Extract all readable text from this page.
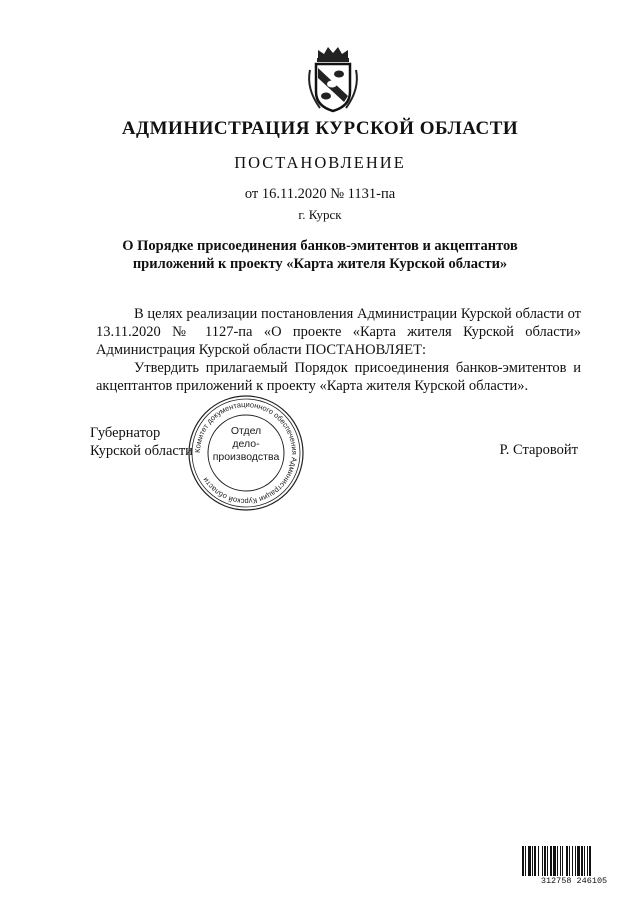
АДМИНИСТРАЦИЯ КУРСКОЙ ОБЛАСТИ
ПОСТАНОВЛЕНИЕ
от 16.11.2020 № 1131-па
г. Курск
О Порядке присоединения банков-эмитентов и акцептантов
приложений к проекту «Карта жителя Курской области»
В целях реализации постановления Администрации Курской области от 13.11.2020 № 1127-па «О проекте «Карта жителя Курской области» Администрация Курской области ПОСТАНОВЛЯЕТ:
Утвердить прилагаемый Порядок присоединения банков-эмитентов и акцептантов приложений к проекту «Карта жителя Курской области».
Губернатор
Курской области	Р. Старовойт
Комитет документационного обеспечения Администрации Курской области
Отдел
дело-
производства
312758 246105
